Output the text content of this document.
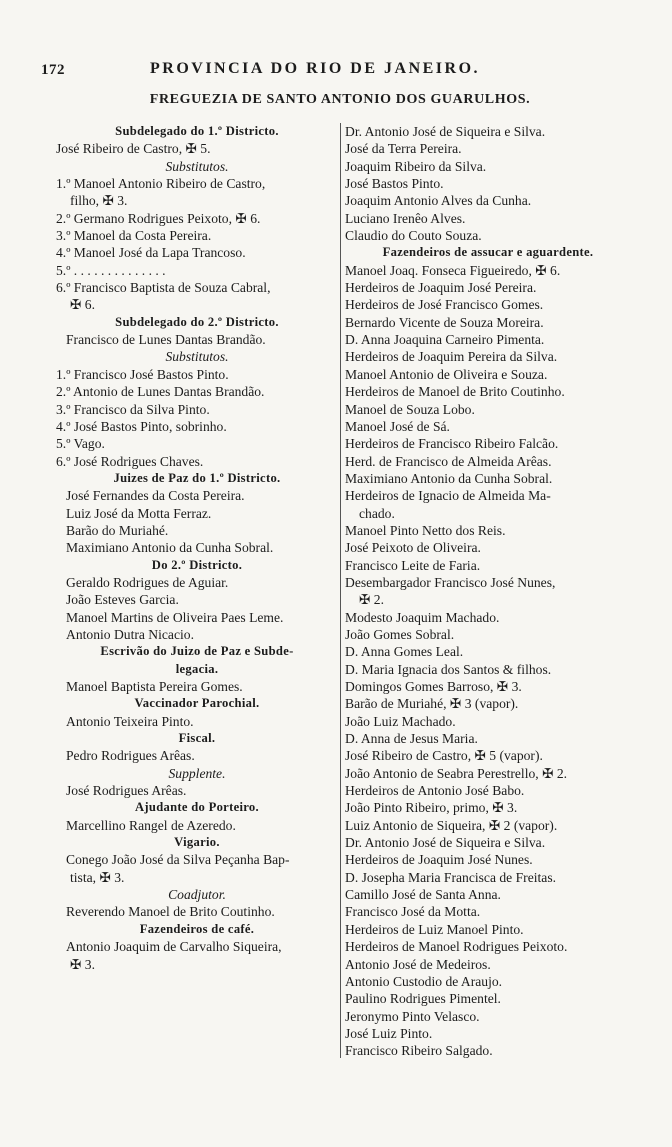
172	PROVINCIA DO RIO DE JANEIRO.
FREGUEZIA DE SANTO ANTONIO DOS GUARULHOS.
Subdelegado do 1.º Districto.
José Ribeiro de Castro, ✠ 5.
Substitutos.
1.º Manoel Antonio Ribeiro de Castro,
filho, ✠ 3.
2.º Germano Rodrigues Peixoto, ✠ 6.
3.º Manoel da Costa Pereira.
4.º Manoel José da Lapa Trancoso.
5.º . . . . . . . . . . . . . .
6.º Francisco Baptista de Souza Cabral,
✠ 6.
Subdelegado do 2.º Districto.
Francisco de Lunes Dantas Brandão.
Substitutos.
1.º Francisco José Bastos Pinto.
2.º Antonio de Lunes Dantas Brandão.
3.º Francisco da Silva Pinto.
4.º José Bastos Pinto, sobrinho.
5.º Vago.
6.º José Rodrigues Chaves.
Juizes de Paz do 1.º Districto.
José Fernandes da Costa Pereira.
Luiz José da Motta Ferraz.
Barão do Muriahé.
Maximiano Antonio da Cunha Sobral.
Do 2.º Districto.
Geraldo Rodrigues de Aguiar.
João Esteves Garcia.
Manoel Martins de Oliveira Paes Leme.
Antonio Dutra Nicacio.
Escrivão do Juizo de Paz e Subde-
legacia.
Manoel Baptista Pereira Gomes.
Vaccinador Parochial.
Antonio Teixeira Pinto.
Fiscal.
Pedro Rodrigues Arêas.
Supplente.
José Rodrigues Arêas.
Ajudante do Porteiro.
Marcellino Rangel de Azeredo.
Vigario.
Conego João José da Silva Peçanha Bap-
tista, ✠ 3.
Coadjutor.
Reverendo Manoel de Brito Coutinho.
Fazendeiros de café.
Antonio Joaquim de Carvalho Siqueira,
✠ 3.
Dr. Antonio José de Siqueira e Silva.
José da Terra Pereira.
Joaquim Ribeiro da Silva.
José Bastos Pinto.
Joaquim Antonio Alves da Cunha.
Luciano Irenêo Alves.
Claudio do Couto Souza.
Fazendeiros de assucar e aguardente.
Manoel Joaq. Fonseca Figueiredo, ✠ 6.
Herdeiros de Joaquim José Pereira.
Herdeiros de José Francisco Gomes.
Bernardo Vicente de Souza Moreira.
D. Anna Joaquina Carneiro Pimenta.
Herdeiros de Joaquim Pereira da Silva.
Manoel Antonio de Oliveira e Souza.
Herdeiros de Manoel de Brito Coutinho.
Manoel de Souza Lobo.
Manoel José de Sá.
Herdeiros de Francisco Ribeiro Falcão.
Herd. de Francisco de Almeida Arêas.
Maximiano Antonio da Cunha Sobral.
Herdeiros de Ignacio de Almeida Ma-
chado.
Manoel Pinto Netto dos Reis.
José Peixoto de Oliveira.
Francisco Leite de Faria.
Desembargador Francisco José Nunes,
✠ 2.
Modesto Joaquim Machado.
João Gomes Sobral.
D. Anna Gomes Leal.
D. Maria Ignacia dos Santos & filhos.
Domingos Gomes Barroso, ✠ 3.
Barão de Muriahé, ✠ 3 (vapor).
João Luiz Machado.
D. Anna de Jesus Maria.
José Ribeiro de Castro, ✠ 5 (vapor).
João Antonio de Seabra Perestrello, ✠ 2.
Herdeiros de Antonio José Babo.
João Pinto Ribeiro, primo, ✠ 3.
Luiz Antonio de Siqueira, ✠ 2 (vapor).
Dr. Antonio José de Siqueira e Silva.
Herdeiros de Joaquim José Nunes.
D. Josepha Maria Francisca de Freitas.
Camillo José de Santa Anna.
Francisco José da Motta.
Herdeiros de Luiz Manoel Pinto.
Herdeiros de Manoel Rodrigues Peixoto.
Antonio José de Medeiros.
Antonio Custodio de Araujo.
Paulino Rodrigues Pimentel.
Jeronymo Pinto Velasco.
José Luiz Pinto.
Francisco Ribeiro Salgado.
